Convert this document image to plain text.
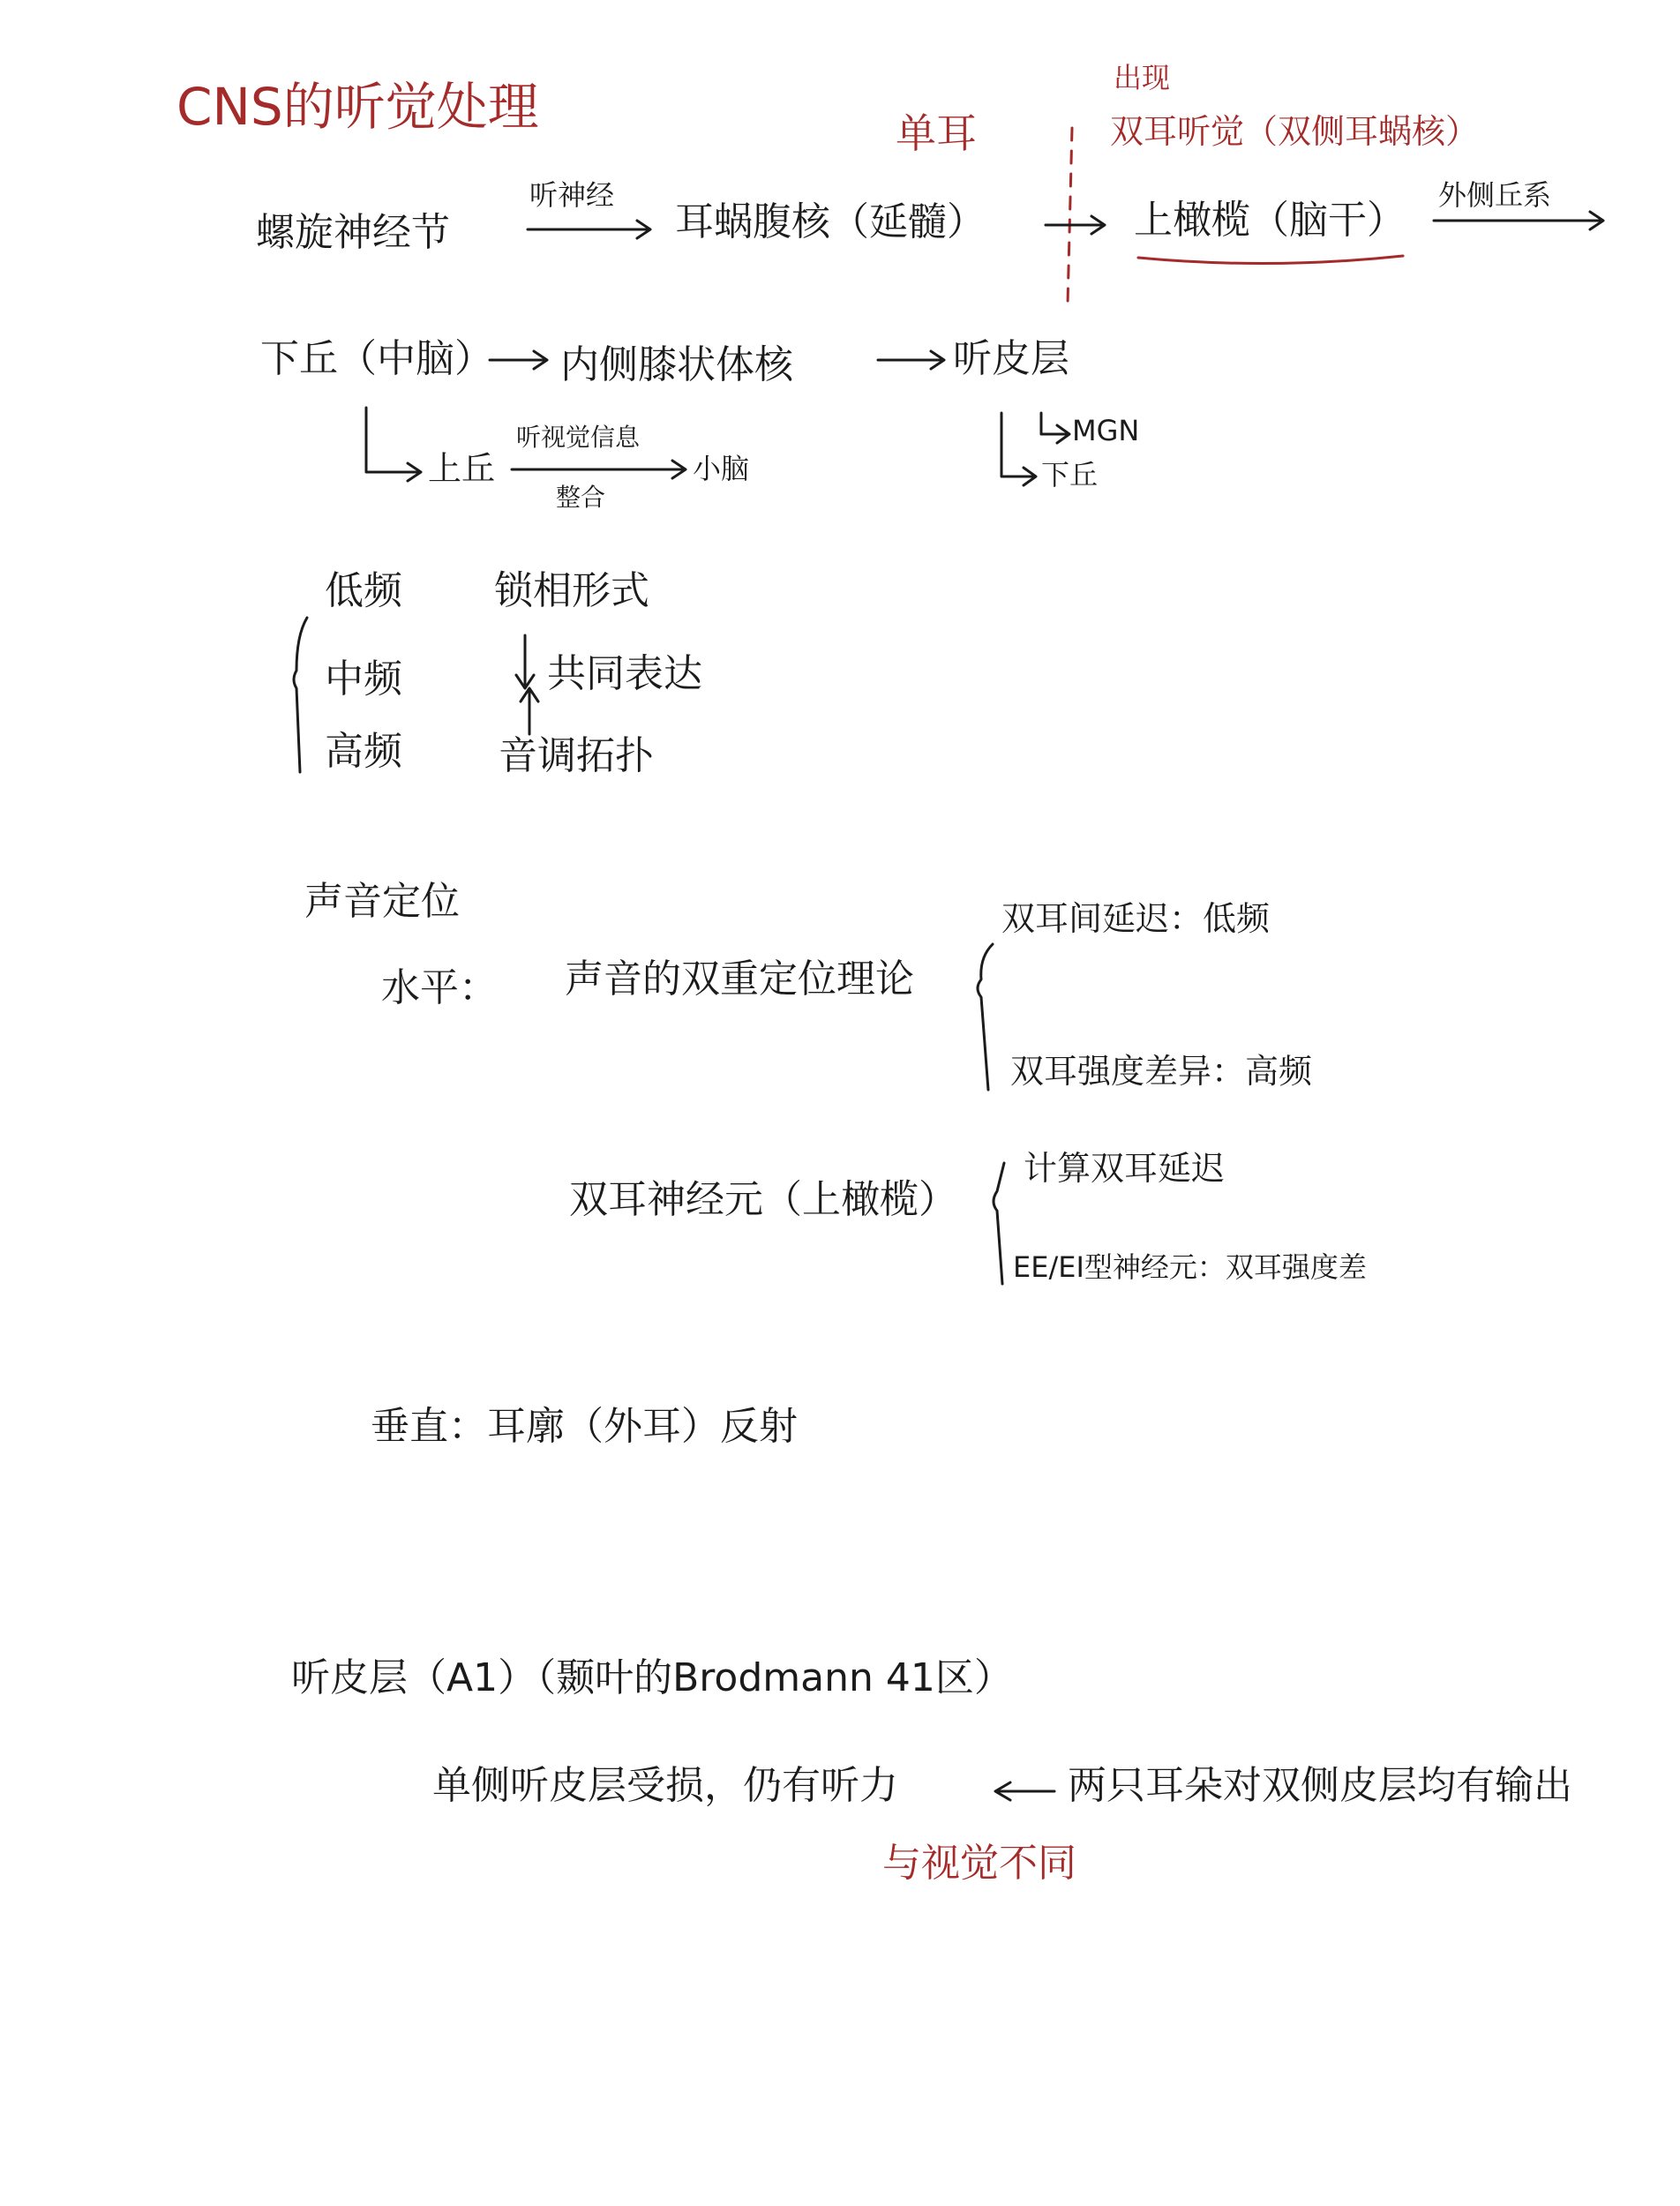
CNS的听觉处理	单耳
出现
双耳听觉（双侧耳蜗核）
螺旋神经节
听神经
耳蜗腹核（延髓）	上橄榄（脑干）
外侧丘系
下丘（中脑） 内侧膝状体核	听皮层
MGN
下丘
上丘
听视觉信息
整合
小脑
低频
中频
高频
锁相形式
共同表达
音调拓扑
声音定位
水平： 声音的双重定位理论
双耳间延迟：低频
双耳强度差异：高频
双耳神经元（上橄榄）
计算双耳延迟
EE/EI型神经元：双耳强度差
垂直：耳廓（外耳）反射
听皮层（A1）（颞叶的Brodmann 41区）
单侧听皮层受损，仍有听力	两只耳朵对双侧皮层均有输出
与视觉不同
